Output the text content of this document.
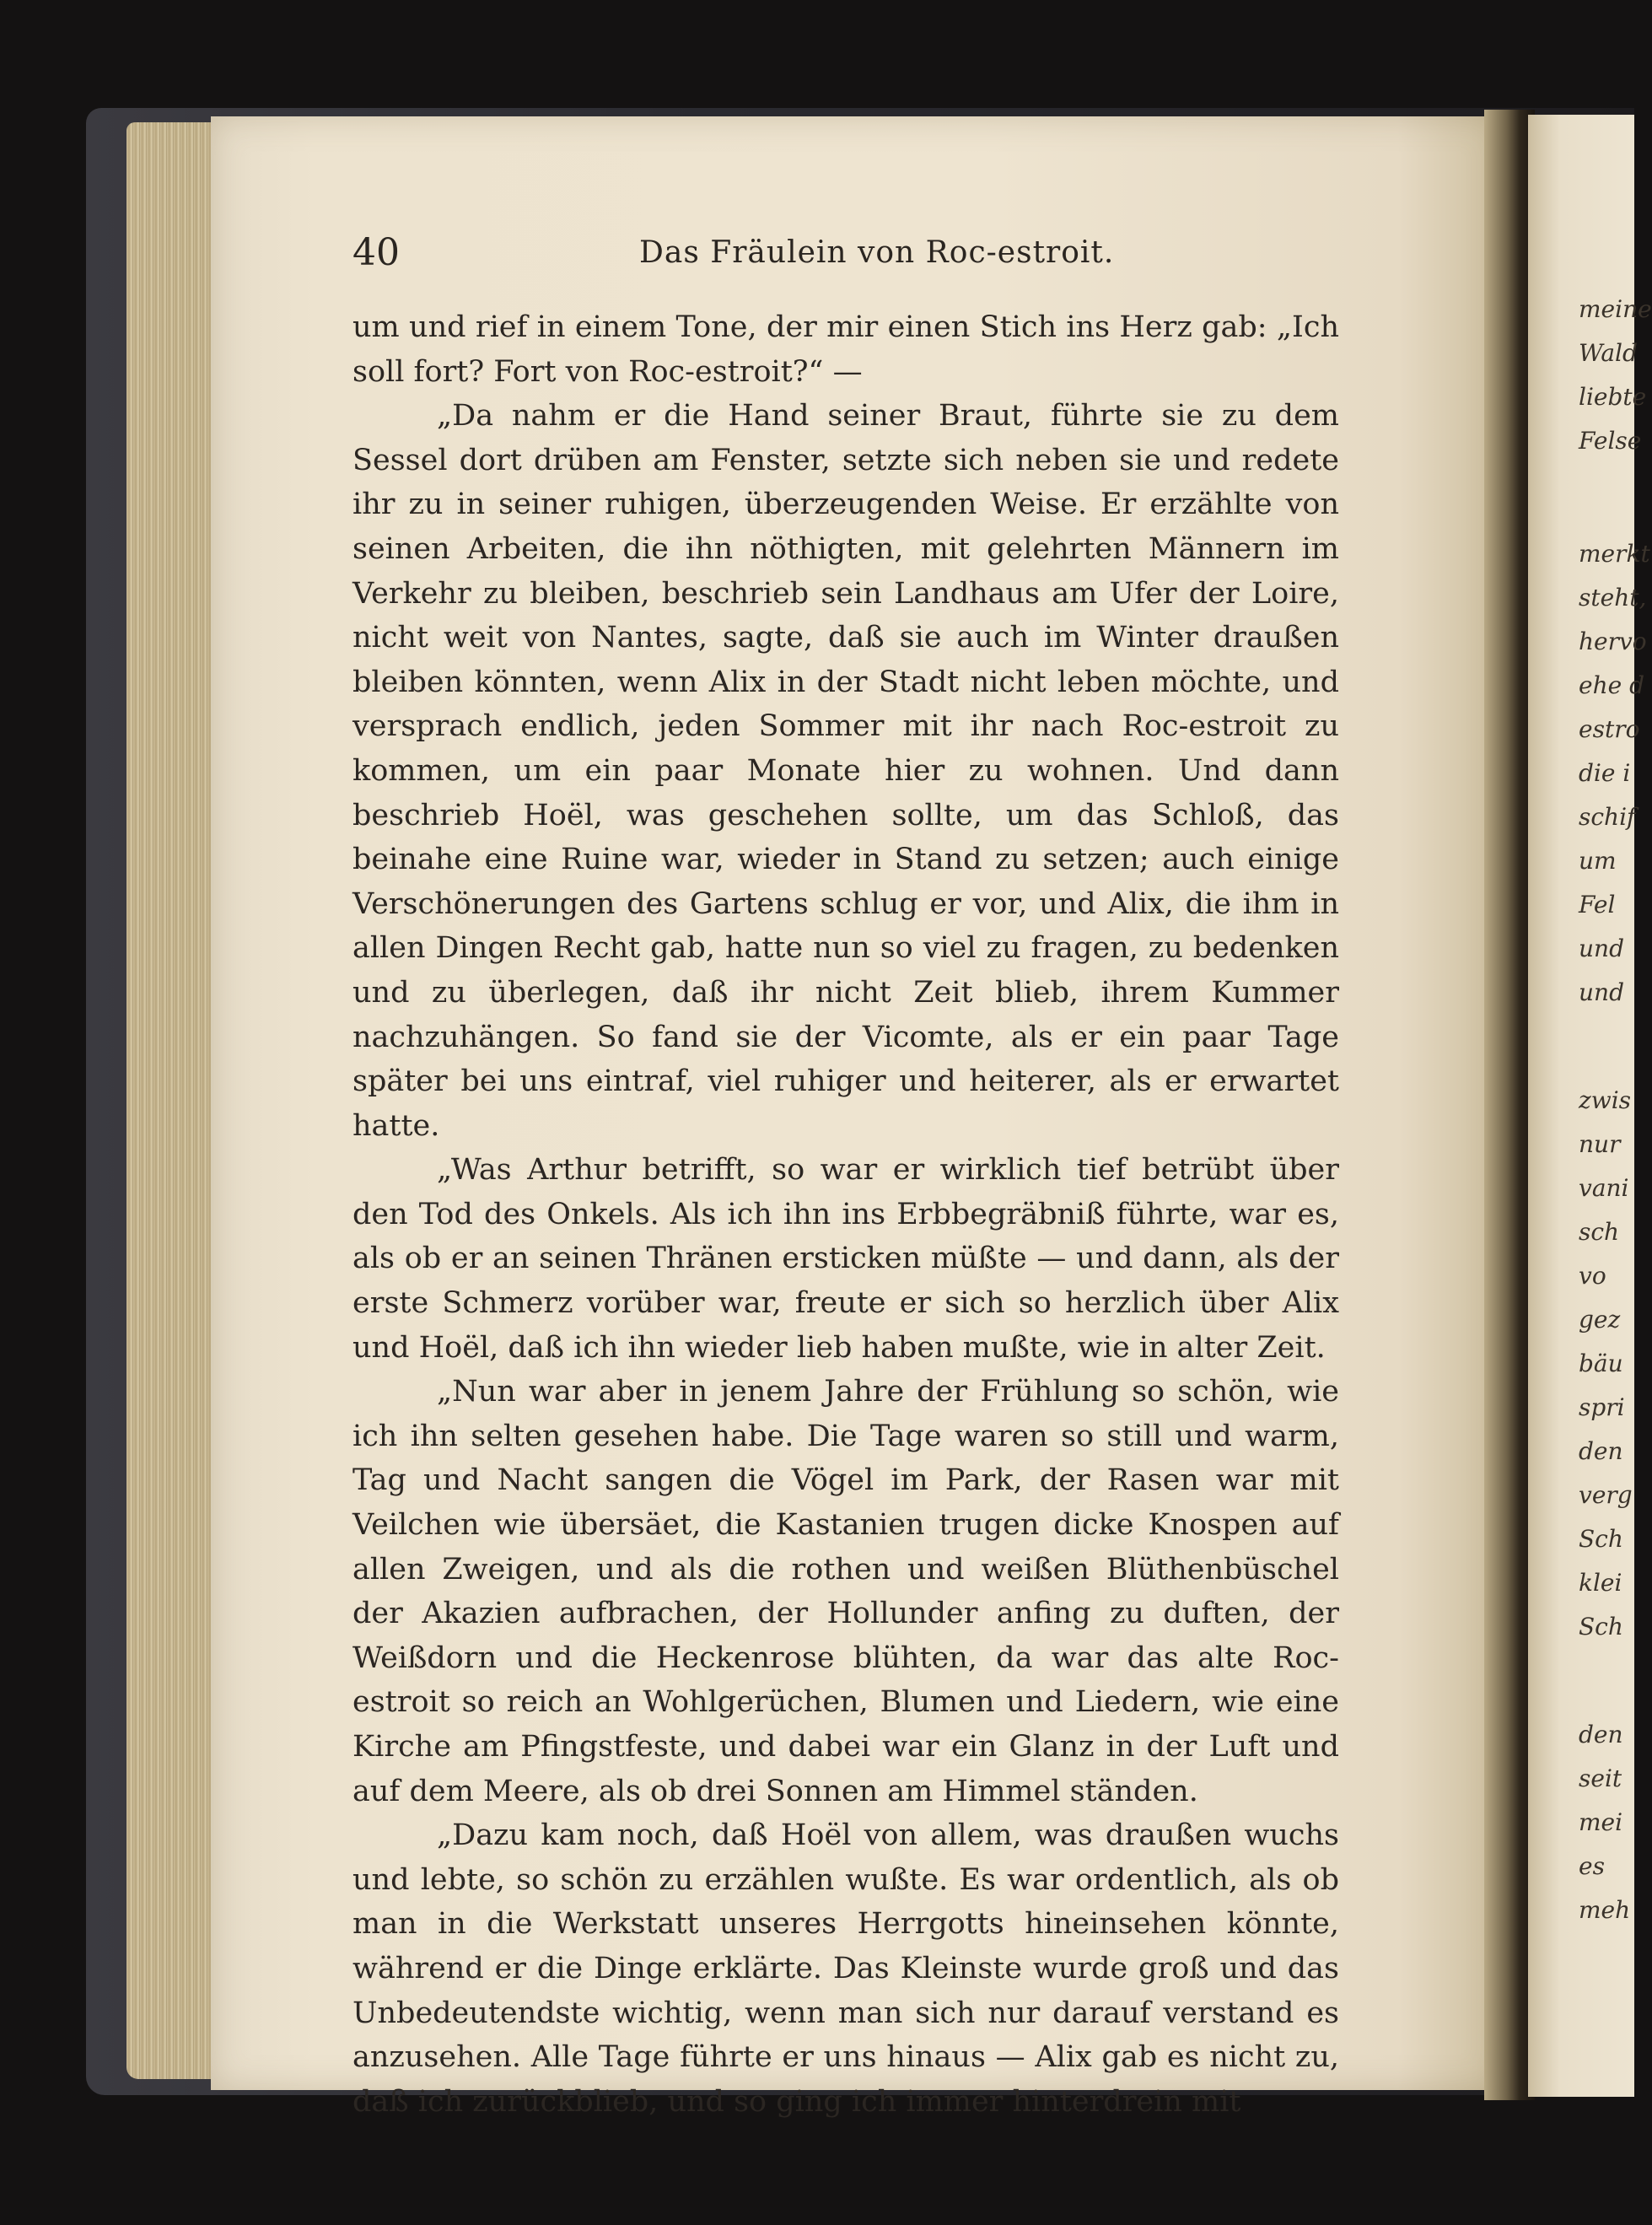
40	Das Fräulein von Roc-estroit.

um und rief in einem Tone, der mir einen Stich ins Herz gab: „Ich soll fort? Fort von Roc-estroit?“ —

„Da nahm er die Hand seiner Braut, führte sie zu dem Sessel dort drüben am Fenster, setzte sich neben sie und redete ihr zu in seiner ruhigen, überzeugenden Weise. Er erzählte von seinen Arbeiten, die ihn nöthigten, mit gelehrten Männern im Verkehr zu bleiben, beschrieb sein Landhaus am Ufer der Loire, nicht weit von Nantes, sagte, daß sie auch im Winter draußen bleiben könnten, wenn Alix in der Stadt nicht leben möchte, und versprach endlich, jeden Sommer mit ihr nach Roc-estroit zu kommen, um ein paar Monate hier zu wohnen. Und dann beschrieb Hoël, was geschehen sollte, um das Schloß, das beinahe eine Ruine war, wieder in Stand zu setzen; auch einige Verschönerungen des Gartens schlug er vor, und Alix, die ihm in allen Dingen Recht gab, hatte nun so viel zu fragen, zu bedenken und zu überlegen, daß ihr nicht Zeit blieb, ihrem Kummer nachzuhängen. So fand sie der Vicomte, als er ein paar Tage später bei uns eintraf, viel ruhiger und heiterer, als er erwartet hatte.

„Was Arthur betrifft, so war er wirklich tief betrübt über den Tod des Onkels. Als ich ihn ins Erbbegräbniß führte, war es, als ob er an seinen Thränen ersticken müßte — und dann, als der erste Schmerz vorüber war, freute er sich so herzlich über Alix und Hoël, daß ich ihn wieder lieb haben mußte, wie in alter Zeit.

„Nun war aber in jenem Jahre der Frühlung so schön, wie ich ihn selten gesehen habe. Die Tage waren so still und warm, Tag und Nacht sangen die Vögel im Park, der Rasen war mit Veilchen wie übersäet, die Kastanien trugen dicke Knospen auf allen Zweigen, und als die rothen und weißen Blüthenbüschel der Akazien aufbrachen, der Hollunder anfing zu duften, der Weißdorn und die Heckenrose blühten, da war das alte Roc-estroit so reich an Wohlgerüchen, Blumen und Liedern, wie eine Kirche am Pfingstfeste, und dabei war ein Glanz in der Luft und auf dem Meere, als ob drei Sonnen am Himmel ständen.

„Dazu kam noch, daß Hoël von allem, was draußen wuchs und lebte, so schön zu erzählen wußte. Es war ordentlich, als ob man in die Werkstatt unseres Herrgotts hineinsehen könnte, während er die Dinge erklärte. Das Kleinste wurde groß und das Unbedeutendste wichtig, wenn man sich nur darauf verstand es anzusehen. Alle Tage führte er uns hinaus — Alix gab es nicht zu, daß ich zurückblieb, und so ging ich immer hinterdrein mit

meine
Wald
liebte
Felse
merkt
steht,
hervo
ehe d
estro
die i
schif
um
Fel
und
und
zwis
nur
vani
sch
vo
gez
bäu
spri
den
verg
Sch
klei
Sch
den
seit
mei
es
meh
